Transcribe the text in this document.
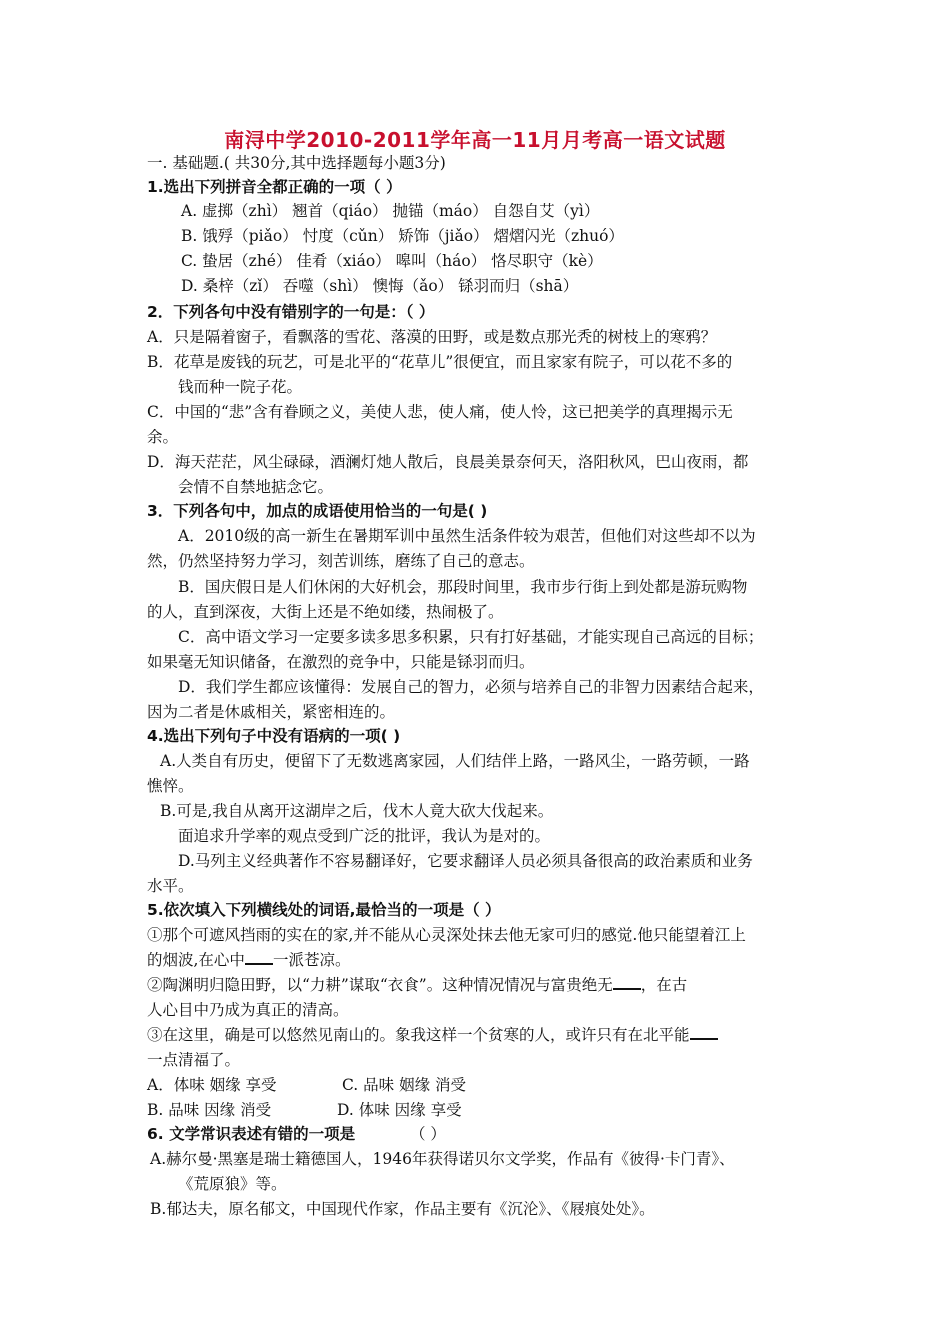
南浔中学2010-2011学年高一11月月考高一语文试题
一. 基础题.( 共30分,其中选择题每小题3分)
1.选出下列拼音全都正确的一项（ ）
A. 虚掷（zhì） 翘首（qiáo） 抛锚（máo） 自怨自艾（yì）
B. 饿殍（piǎo） 忖度（cǔn） 矫饰（jiǎo） 熠熠闪光（zhuó）
C. 蛰居（zhé） 佳肴（xiáo） 嗥叫（háo） 恪尽职守（kè）
D. 桑梓（zǐ） 吞噬（shì） 懊悔（ǎo） 铩羽而归（shā）
2．下列各句中没有错别字的一句是：（ ）
A．只是隔着窗子，看飘落的雪花、落漠的田野，或是数点那光秃的树枝上的寒鸦？
B．花草是废钱的玩艺，可是北平的“花草儿”很便宜，而且家家有院子，可以花不多的
钱而种一院子花。
C．中国的“悲”含有眷顾之义，美使人悲，使人痛，使人怜，这已把美学的真理揭示无
余。
D．海天茫茫，风尘碌碌，酒澜灯灺人散后，良晨美景奈何天，洛阳秋风，巴山夜雨，都
会情不自禁地掂念它。
3．下列各句中，加点的成语使用恰当的一句是( )
A．2010级的高一新生在暑期军训中虽然生活条件较为艰苦，但他们对这些却不以为
然，仍然坚持努力学习，刻苦训练，磨练了自己的意志。
B．国庆假日是人们休闲的大好机会，那段时间里，我市步行街上到处都是游玩购物
的人，直到深夜，大街上还是不绝如缕，热闹极了。
C．高中语文学习一定要多读多思多积累，只有打好基础，才能实现自己高远的目标；
如果毫无知识储备，在激烈的竞争中，只能是铩羽而归。
D．我们学生都应该懂得：发展自己的智力，必须与培养自己的非智力因素结合起来，
因为二者是休戚相关，紧密相连的。
4.选出下列句子中没有语病的一项( )
A.人类自有历史，便留下了无数逃离家园，人们结伴上路，一路风尘，一路劳顿，一路
憔悴。
B.可是,我自从离开这湖岸之后，伐木人竟大砍大伐起来。
面追求升学率的观点受到广泛的批评，我认为是对的。
D.马列主义经典著作不容易翻译好，它要求翻译人员必须具备很高的政治素质和业务
水平。
5.依次填入下列横线处的词语,最恰当的一项是（ ）
①那个可遮风挡雨的实在的家,并不能从心灵深处抹去他无家可归的感觉.他只能望着江上
的烟波,在心中 一派苍凉。
②陶渊明归隐田野，以“力耕”谋取“衣食”。这种情况情况与富贵绝无 ，在古
人心目中乃成为真正的清高。
③在这里，确是可以悠然见南山的。象我这样一个贫寒的人，或许只有在北平能
一点清福了。
A．体味 姻缘 享受	C. 品味 姻缘 消受
B. 品味 因缘 消受	D. 体味 因缘 享受
6. 文学常识表述有错的一项是	（ ）
A.赫尔曼·黑塞是瑞士籍德国人，1946年获得诺贝尔文学奖，作品有《彼得·卡门青》、
《荒原狼》等。
B.郁达夫，原名郁文，中国现代作家，作品主要有《沉沦》、《屐痕处处》。
